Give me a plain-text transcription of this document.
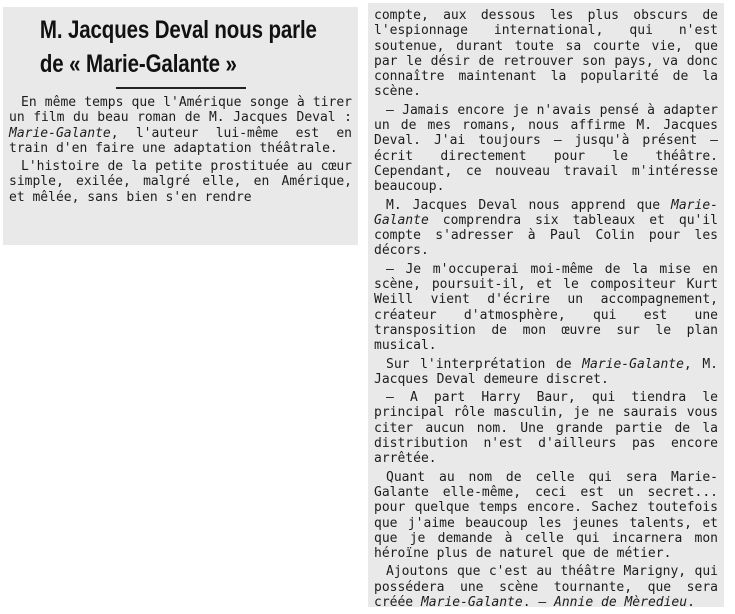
M. Jacques Deval nous parle
de « Marie-Galante »

En même temps que l'Amérique songe à tirer un film du beau roman de M. Jacques Deval : Marie-Galante, l'auteur lui-même est en train d'en faire une adaptation théâtrale.

L'histoire de la petite prostituée au cœur simple, exilée, malgré elle, en Amérique, et mêlée, sans bien s'en rendre

compte, aux dessous les plus obscurs de l'espionnage international, qui n'est soutenue, durant toute sa courte vie, que par le désir de retrouver son pays, va donc connaître maintenant la popularité de la scène.

— Jamais encore je n'avais pensé à adapter un de mes romans, nous affirme M. Jacques Deval. J'ai toujours — jusqu'à présent — écrit directement pour le théâtre. Cependant, ce nouveau travail m'intéresse beaucoup.

M. Jacques Deval nous apprend que Marie-Galante comprendra six tableaux et qu'il compte s'adresser à Paul Colin pour les décors.

— Je m'occuperai moi-même de la mise en scène, poursuit-il, et le compositeur Kurt Weill vient d'écrire un accompagnement, créateur d'atmosphère, qui est une transposition de mon œuvre sur le plan musical.

Sur l'interprétation de Marie-Galante, M. Jacques Deval demeure discret.

— A part Harry Baur, qui tiendra le principal rôle masculin, je ne saurais vous citer aucun nom. Une grande partie de la distribution n'est d'ailleurs pas encore arrêtée.

Quant au nom de celle qui sera Marie-Galante elle-même, ceci est un secret... pour quelque temps encore. Sachez toutefois que j'aime beaucoup les jeunes talents, et que je demande à celle qui incarnera mon héroïne plus de naturel que de métier.

Ajoutons que c'est au théâtre Marigny, qui possédera une scène tournante, que sera créée Marie-Galante. — Annie de Mèredieu.
